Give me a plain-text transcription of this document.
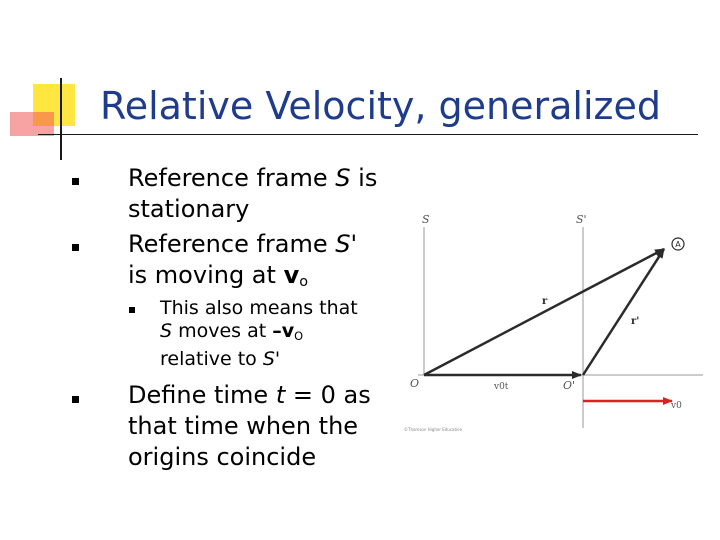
Relative Velocity, generalized
Reference frame S is
stationary
Reference frame S'
is moving at $v_o$
This also means that
S moves at $-v_O$
relative to S'
Define time t = 0 as
that time when the
origins coincide
A
S	S'
r
r'
O	O'
v0t
v0
©Thomson Higher Education
